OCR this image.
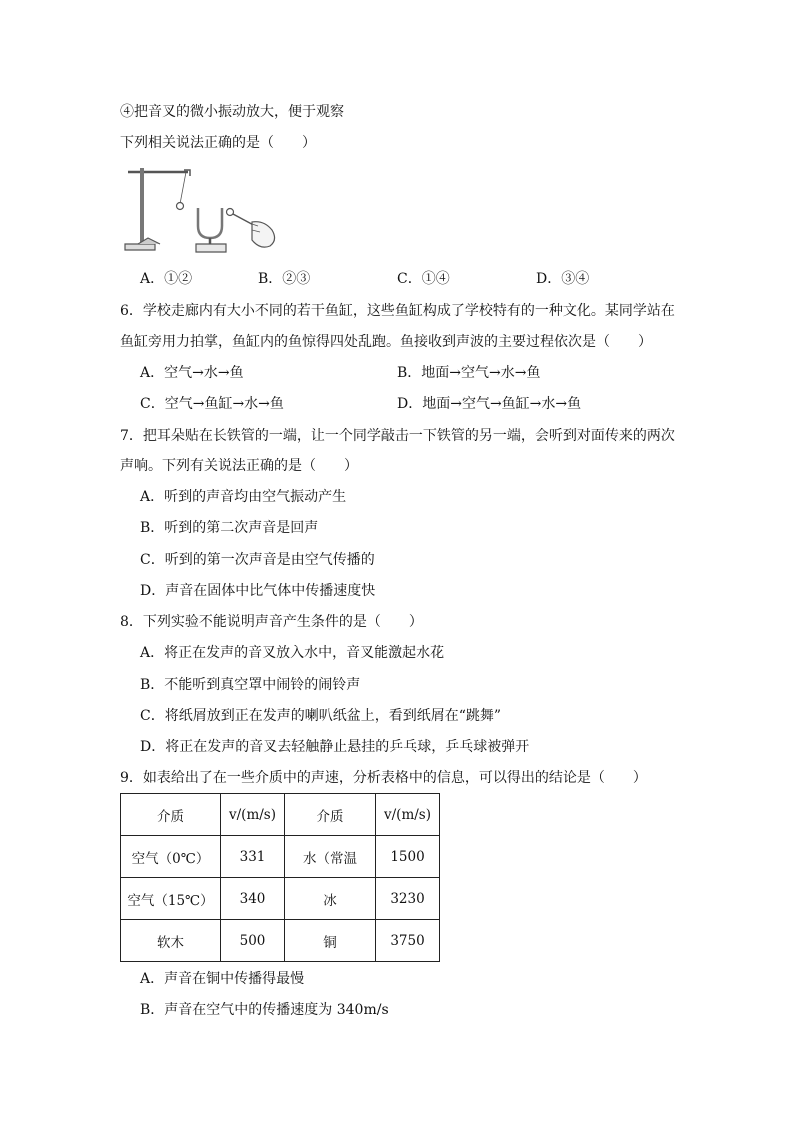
④把音叉的微小振动放大，便于观察
下列相关说法正确的是（　　）
A．①②	B．②③	C．①④	D．③④
6．学校走廊内有大小不同的若干鱼缸，这些鱼缸构成了学校特有的一种文化。某同学站在
鱼缸旁用力拍掌，鱼缸内的鱼惊得四处乱跑。鱼接收到声波的主要过程依次是（　　）
A．空气→水→鱼	B．地面→空气→水→鱼
C．空气→鱼缸→水→鱼	D．地面→空气→鱼缸→水→鱼
7．把耳朵贴在长铁管的一端，让一个同学敲击一下铁管的另一端，会听到对面传来的两次
声响。下列有关说法正确的是（　　）
A．听到的声音均由空气振动产生
B．听到的第二次声音是回声
C．听到的第一次声音是由空气传播的
D．声音在固体中比气体中传播速度快
8．下列实验不能说明声音产生条件的是（　　）
A．将正在发声的音叉放入水中，音叉能激起水花
B．不能听到真空罩中闹铃的闹铃声
C．将纸屑放到正在发声的喇叭纸盆上，看到纸屑在“跳舞”
D．将正在发声的音叉去轻触静止悬挂的乒乓球，乒乓球被弹开
9．如表给出了在一些介质中的声速，分析表格中的信息，可以得出的结论是（　　）
介质	v/(m/s)	介质	v/(m/s)
空气（0℃）	331	水（常温	1500
空气（15℃）	340	冰	3230
软木	500	铜	3750
A．声音在铜中传播得最慢
B．声音在空气中的传播速度为 340m/s
